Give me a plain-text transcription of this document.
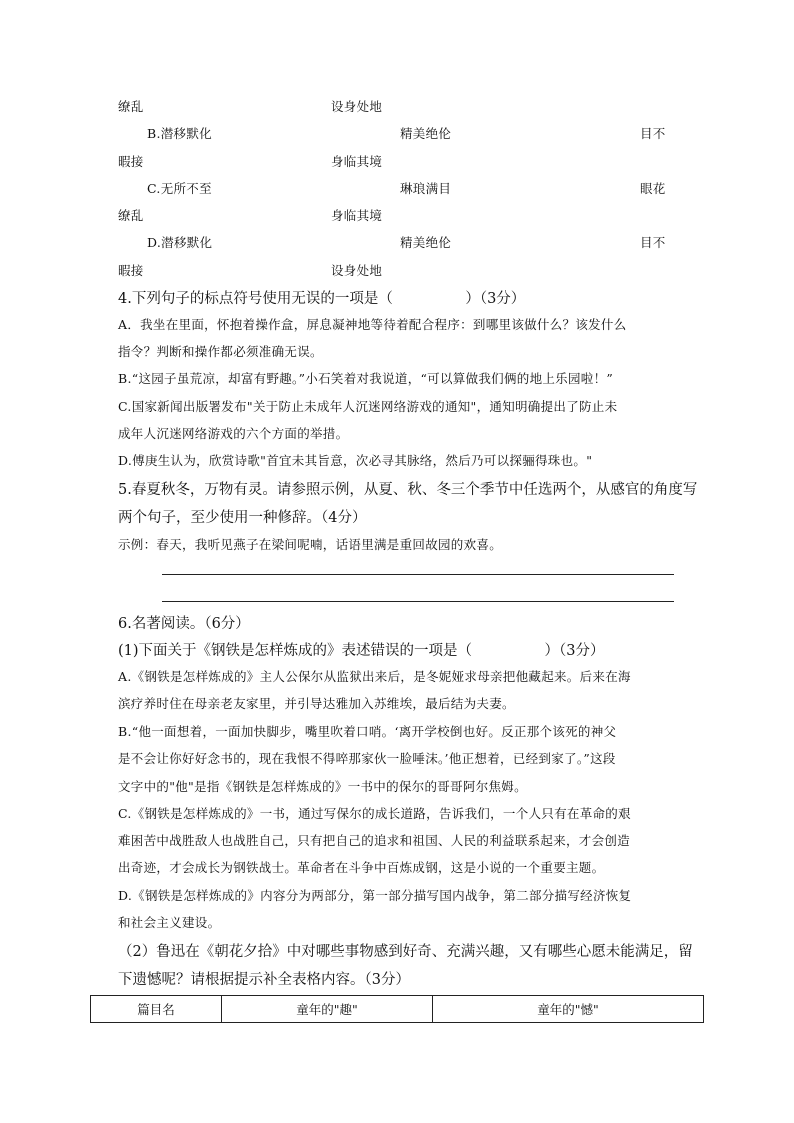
缭乱	设身处地
B.潜移默化	精美绝伦	目不
暇接	身临其境
C.无所不至	琳琅满目	眼花
缭乱	身临其境
D.潜移默化	精美绝伦	目不
暇接	设身处地
4.下列句子的标点符号使用无误的一项是（　　　　　）（3分）
A．我坐在里面，怀抱着操作盒，屏息凝神地等待着配合程序：到哪里该做什么？该发什么
指令？判断和操作都必须准确无误。
B.“这园子虽荒凉，却富有野趣。”小石笑着对我说道，“可以算做我们俩的地上乐园啦！”
C.国家新闻出版署发布"关于防止未成年人沉迷网络游戏的通知"，通知明确提出了防止未
成年人沉迷网络游戏的六个方面的举措。
D.傅庚生认为，欣赏诗歌"首宜未其旨意，次必寻其脉络，然后乃可以探骊得珠也。"
5.春夏秋冬，万物有灵。请参照示例，从夏、秋、冬三个季节中任选两个，从感官的角度写
两个句子，至少使用一种修辞。（4分）
示例：春天，我听见燕子在梁间呢喃，话语里满是重回故园的欢喜。
6.名著阅读。（6分）
(1)下面关于《钢铁是怎样炼成的》表述错误的一项是（　　　　　）（3分）
A.《钢铁是怎样炼成的》主人公保尔从监狱出来后，是冬妮娅求母亲把他藏起来。后来在海
滨疗养时住在母亲老友家里，并引导达雅加入苏维埃，最后结为夫妻。
B.“他一面想着，一面加快脚步，嘴里吹着口哨。‘离开学校倒也好。反正那个该死的神父
是不会让你好好念书的，现在我恨不得啐那家伙一脸唾沫。’他正想着，已经到家了。”这段
文字中的"他"是指《钢铁是怎样炼成的》一书中的保尔的哥哥阿尔焦姆。
C.《钢铁是怎样炼成的》一书，通过写保尔的成长道路，告诉我们，一个人只有在革命的艰
难困苦中战胜敌人也战胜自己，只有把自己的追求和祖国、人民的利益联系起来，才会创造
出奇迹，才会成长为钢铁战士。革命者在斗争中百炼成钢，这是小说的一个重要主题。
D.《钢铁是怎样炼成的》内容分为两部分，第一部分描写国内战争，第二部分描写经济恢复
和社会主义建设。
（2）鲁迅在《朝花夕拾》中对哪些事物感到好奇、充满兴趣，又有哪些心愿未能满足，留
下遗憾呢？请根据提示补全表格内容。（3分）
篇目名	童年的"趣"	童年的"憾"
